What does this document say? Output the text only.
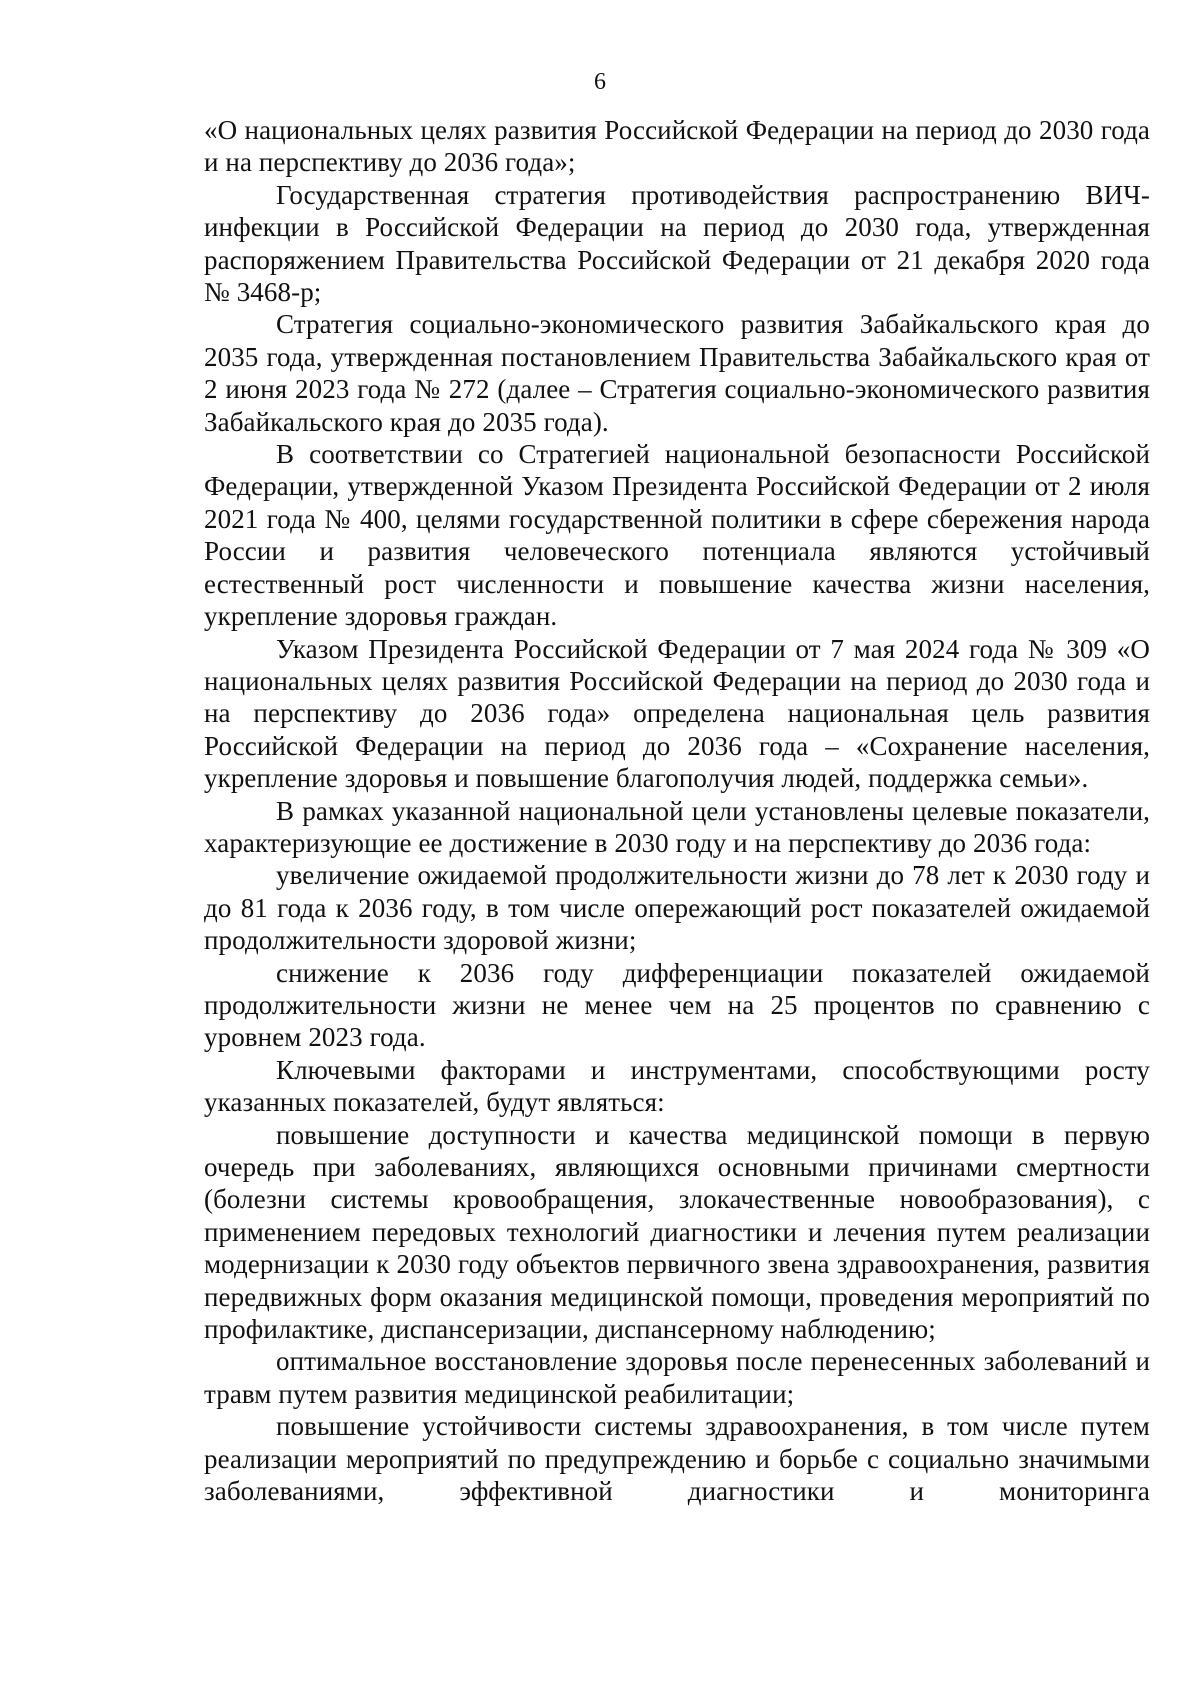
6

«О национальных целях развития Российской Федерации на период до 2030 года и на перспективу до 2036 года»;

Государственная стратегия противодействия распространению ВИЧ-инфекции в Российской Федерации на период до 2030 года, утвержденная распоряжением Правительства Российской Федерации от 21 декабря 2020 года № 3468-р;

Стратегия социально-экономического развития Забайкальского края до 2035 года, утвержденная постановлением Правительства Забайкальского края от 2 июня 2023 года № 272 (далее – Стратегия социально-экономического развития Забайкальского края до 2035 года).

В соответствии со Стратегией национальной безопасности Российской Федерации, утвержденной Указом Президента Российской Федерации от 2 июля 2021 года № 400, целями государственной политики в сфере сбережения народа России и развития человеческого потенциала являются устойчивый естественный рост численности и повышение качества жизни населения, укрепление здоровья граждан.

Указом Президента Российской Федерации от 7 мая 2024 года № 309 «О национальных целях развития Российской Федерации на период до 2030 года и на перспективу до 2036 года» определена национальная цель развития Российской Федерации на период до 2036 года – «Сохранение населения, укрепление здоровья и повышение благополучия людей, поддержка семьи».

В рамках указанной национальной цели установлены целевые показатели, характеризующие ее достижение в 2030 году и на перспективу до 2036 года:

увеличение ожидаемой продолжительности жизни до 78 лет к 2030 году и до 81 года к 2036 году, в том числе опережающий рост показателей ожидаемой продолжительности здоровой жизни;

снижение к 2036 году дифференциации показателей ожидаемой продолжительности жизни не менее чем на 25 процентов по сравнению с уровнем 2023 года.

Ключевыми факторами и инструментами, способствующими росту указанных показателей, будут являться:

повышение доступности и качества медицинской помощи в первую очередь при заболеваниях, являющихся основными причинами смертности (болезни системы кровообращения, злокачественные новообразования), с применением передовых технологий диагностики и лечения путем реализации модернизации к 2030 году объектов первичного звена здравоохранения, развития передвижных форм оказания медицинской помощи, проведения мероприятий по профилактике, диспансеризации, диспансерному наблюдению;

оптимальное восстановление здоровья после перенесенных заболеваний и травм путем развития медицинской реабилитации;

повышение устойчивости системы здравоохранения, в том числе путем реализации мероприятий по предупреждению и борьбе с социально значимыми заболеваниями, эффективной диагностики и мониторинга
